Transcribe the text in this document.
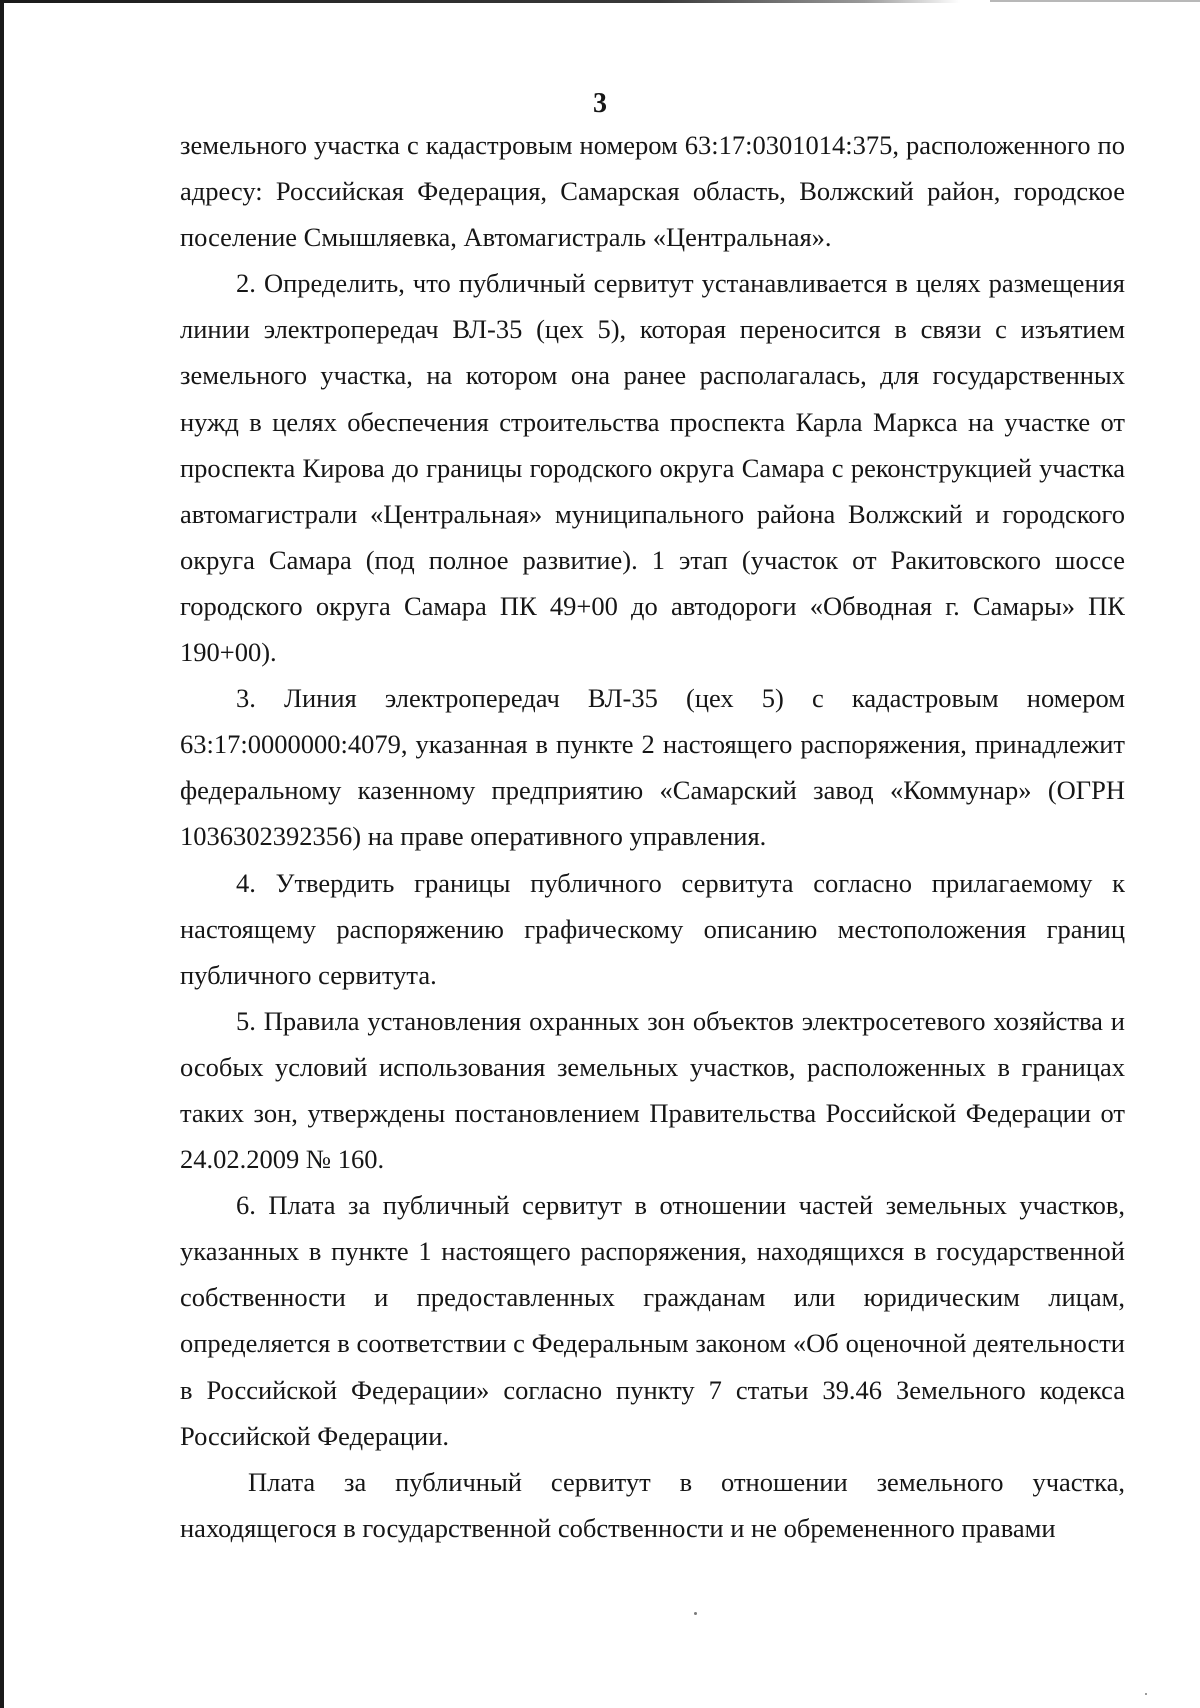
3

земельного участка с кадастровым номером 63:17:0301014:375, расположенного по адресу: Российская Федерация, Самарская область, Волжский район, городское поселение Смышляевка, Автомагистраль «Центральная».

2. Определить, что публичный сервитут устанавливается в целях размещения линии электропередач ВЛ-35 (цех 5), которая переносится в связи с изъятием земельного участка, на котором она ранее располагалась, для государственных нужд в целях обеспечения строительства проспекта Карла Маркса на участке от проспекта Кирова до границы городского округа Самара с реконструкцией участка автомагистрали «Центральная» муниципального района Волжский и городского округа Самара (под полное развитие). 1 этап (участок от Ракитовского шоссе городского округа Самара ПК 49+00 до автодороги «Обводная г. Самары» ПК 190+00).

3. Линия электропередач ВЛ-35 (цех 5) с кадастровым номером 63:17:0000000:4079, указанная в пункте 2 настоящего распоряжения, принадлежит федеральному казенному предприятию «Самарский завод «Коммунар» (ОГРН 1036302392356) на праве оперативного управления.

4. Утвердить границы публичного сервитута согласно прилагаемому к настоящему распоряжению графическому описанию местоположения границ публичного сервитута.

5. Правила установления охранных зон объектов электросетевого хозяйства и особых условий использования земельных участков, расположенных в границах таких зон, утверждены постановлением Правительства Российской Федерации от 24.02.2009 № 160.

6. Плата за публичный сервитут в отношении частей земельных участков, указанных в пункте 1 настоящего распоряжения, находящихся в государственной собственности и предоставленных гражданам или юридическим лицам, определяется в соответствии с Федеральным законом «Об оценочной деятельности в Российской Федерации» согласно пункту 7 статьи 39.46 Земельного кодекса Российской Федерации.

Плата за публичный сервитут в отношении земельного участка, находящегося в государственной собственности и не обремененного правами
